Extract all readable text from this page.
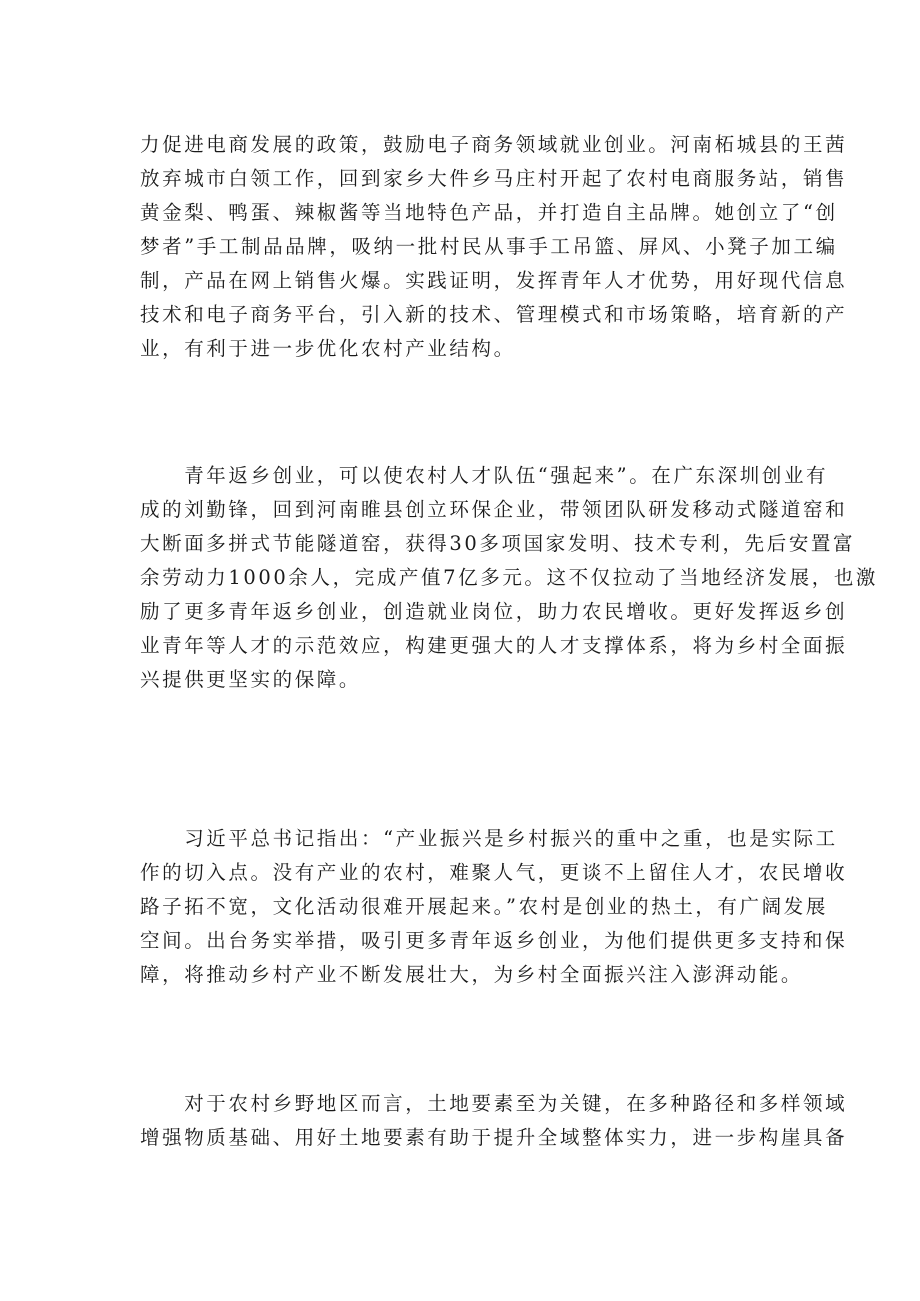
力促进电商发展的政策，鼓励电子商务领域就业创业。河南柘城县的王茜
放弃城市白领工作，回到家乡大件乡马庄村开起了农村电商服务站，销售
黄金梨、鸭蛋、辣椒酱等当地特色产品，并打造自主品牌。她创立了“创
梦者”手工制品品牌，吸纳一批村民从事手工吊篮、屏风、小凳子加工编
制，产品在网上销售火爆。实践证明，发挥青年人才优势，用好现代信息
技术和电子商务平台，引入新的技术、管理模式和市场策略，培育新的产
业，有利于进一步优化农村产业结构。

　　青年返乡创业，可以使农村人才队伍“强起来”。在广东深圳创业有
成的刘勤锋，回到河南睢县创立环保企业，带领团队研发移动式隧道窑和
大断面多拼式节能隧道窑，获得30多项国家发明、技术专利，先后安置富
余劳动力1000余人，完成产值7亿多元。这不仅拉动了当地经济发展，也激
励了更多青年返乡创业，创造就业岗位，助力农民增收。更好发挥返乡创
业青年等人才的示范效应，构建更强大的人才支撑体系，将为乡村全面振
兴提供更坚实的保障。

　　习近平总书记指出：“产业振兴是乡村振兴的重中之重，也是实际工
作的切入点。没有产业的农村，难聚人气，更谈不上留住人才，农民增收
路子拓不宽，文化活动很难开展起来。”农村是创业的热土，有广阔发展
空间。出台务实举措，吸引更多青年返乡创业，为他们提供更多支持和保
障，将推动乡村产业不断发展壮大，为乡村全面振兴注入澎湃动能。

　　对于农村乡野地区而言，土地要素至为关键，在多种路径和多样领域
增强物质基础、用好土地要素有助于提升全域整体实力，进一步构崖具备
